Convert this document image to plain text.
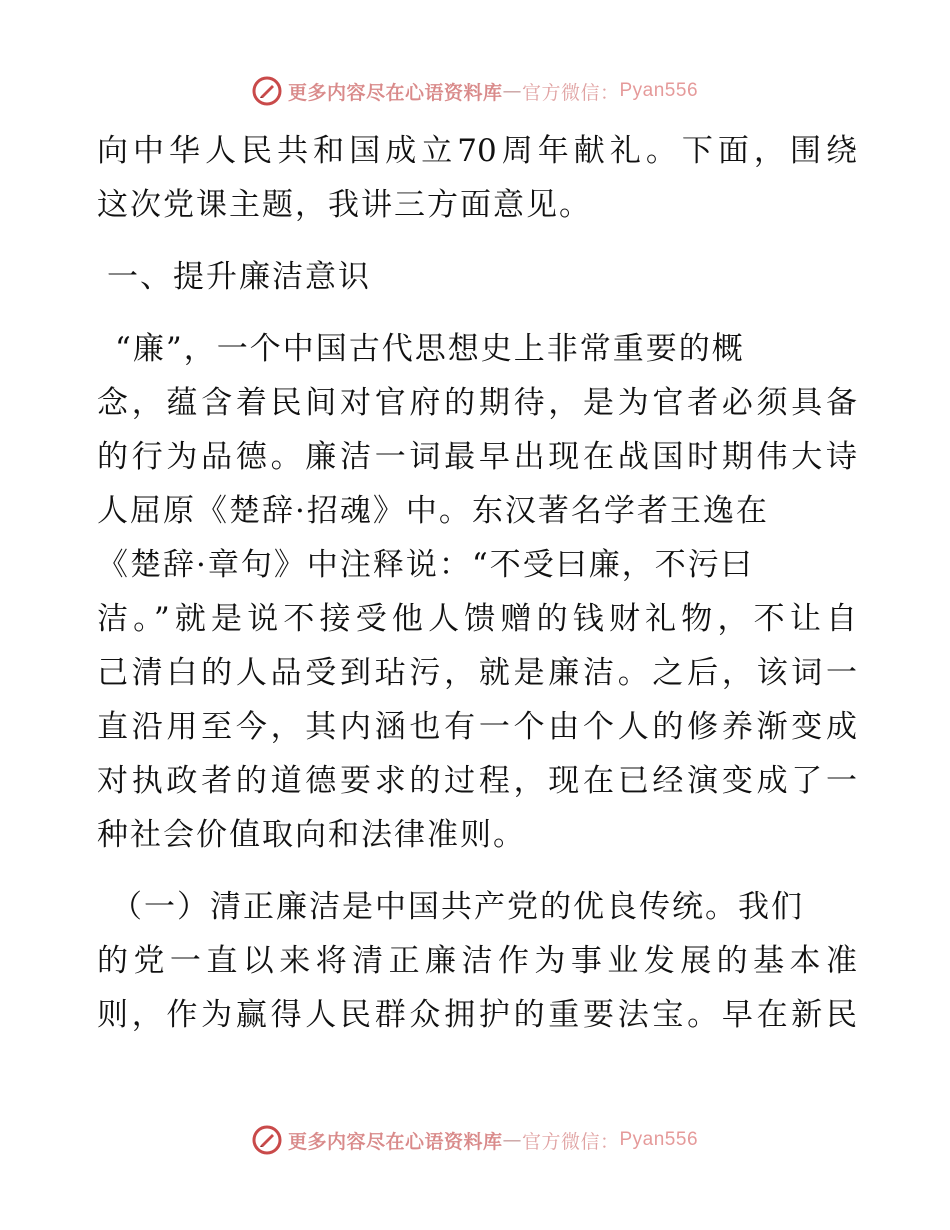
更多内容尽在心语资料库 — 官方微信： Pyan556
向中华人民共和国成立70周年献礼。下面，围绕
这次党课主题，我讲三方面意见。
一、提升廉洁意识
“廉”，一个中国古代思想史上非常重要的概
念，蕴含着民间对官府的期待，是为官者必须具备
的行为品德。廉洁一词最早出现在战国时期伟大诗
人屈原《楚辞·招魂》中。东汉著名学者王逸在
《楚辞·章句》中注释说：“不受曰廉，不污曰
洁。”就是说不接受他人馈赠的钱财礼物，不让自
己清白的人品受到玷污，就是廉洁。之后，该词一
直沿用至今，其内涵也有一个由个人的修养渐变成
对执政者的道德要求的过程，现在已经演变成了一
种社会价值取向和法律准则。
（一）清正廉洁是中国共产党的优良传统。我们
的党一直以来将清正廉洁作为事业发展的基本准
则，作为赢得人民群众拥护的重要法宝。早在新民
更多内容尽在心语资料库 — 官方微信： Pyan556
